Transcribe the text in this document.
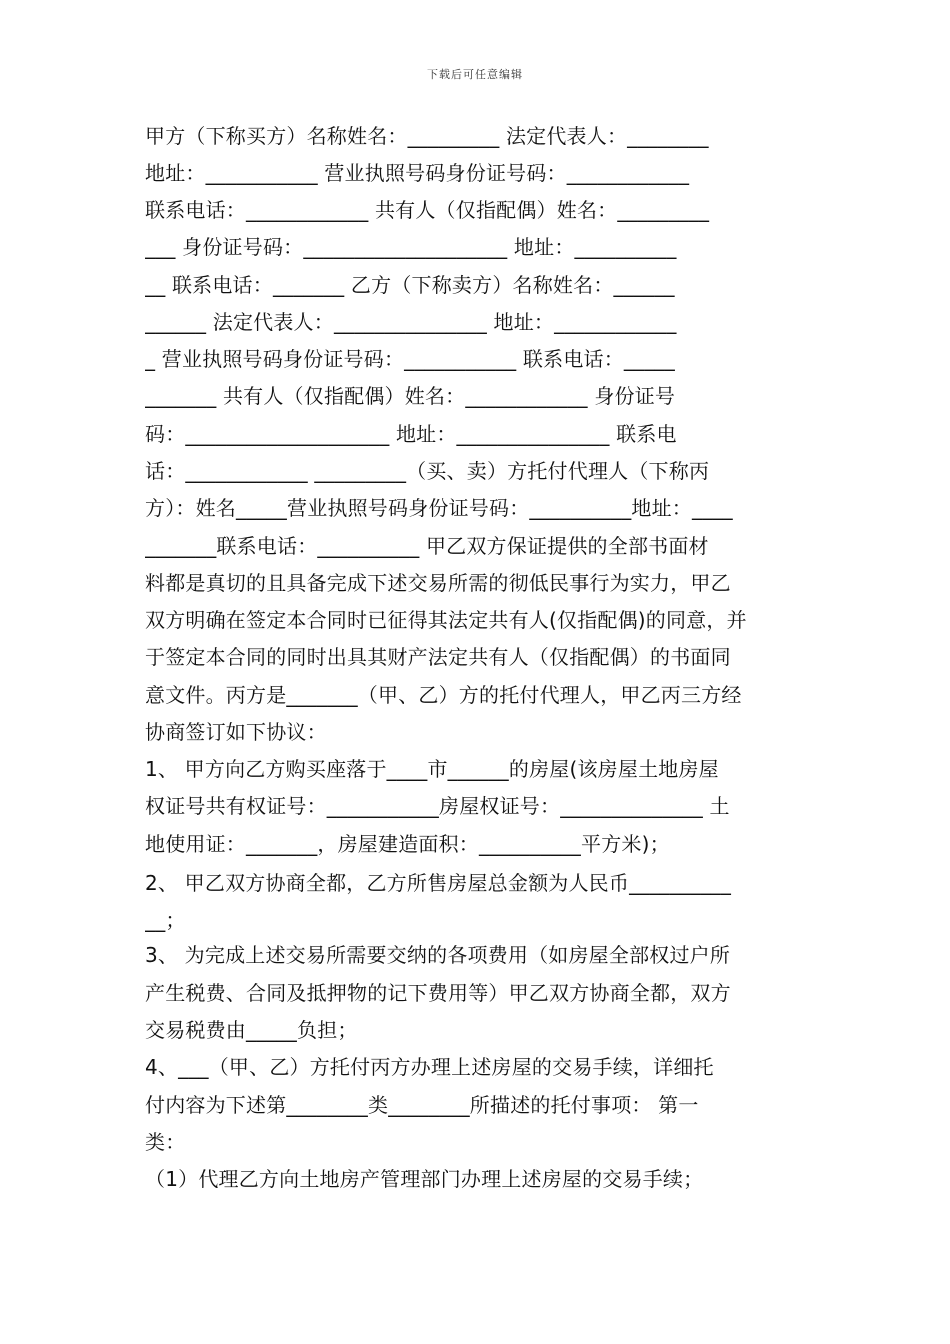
下载后可任意编辑
甲方（下称买方）名称姓名：_________ 法定代表人：________
地址：___________ 营业执照号码身份证号码：____________
联系电话：____________ 共有人（仅指配偶）姓名：_________
___ 身份证号码：____________________ 地址：__________
__ 联系电话：_______ 乙方（下称卖方）名称姓名：______
______ 法定代表人：_______________ 地址：____________
_ 营业执照号码身份证号码：___________ 联系电话：_____
_______ 共有人（仅指配偶）姓名：____________ 身份证号
码：____________________ 地址：_______________ 联系电
话：____________ _________（买、卖）方托付代理人（下称丙
方）：姓名_____营业执照号码身份证号码：__________地址：____
_______联系电话：__________ 甲乙双方保证提供的全部书面材
料都是真切的且具备完成下述交易所需的彻低民事行为实力，甲乙
双方明确在签定本合同时已征得其法定共有人(仅指配偶)的同意，并
于签定本合同的同时出具其财产法定共有人（仅指配偶）的书面同
意文件。丙方是_______（甲、乙）方的托付代理人，甲乙丙三方经
协商签订如下协议：
1、 甲方向乙方购买座落于____市______的房屋(该房屋土地房屋
权证号共有权证号：___________房屋权证号：______________ 土
地使用证：_______，房屋建造面积：__________平方米)；
2、 甲乙双方协商全都，乙方所售房屋总金额为人民币__________
__；
3、 为完成上述交易所需要交纳的各项费用（如房屋全部权过户所
产生税费、合同及抵押物的记下费用等）甲乙双方协商全都，双方
交易税费由_____负担；
4、___（甲、乙）方托付丙方办理上述房屋的交易手续，详细托
付内容为下述第________类________所描述的托付事项： 第一
类：
（1）代理乙方向土地房产管理部门办理上述房屋的交易手续；
